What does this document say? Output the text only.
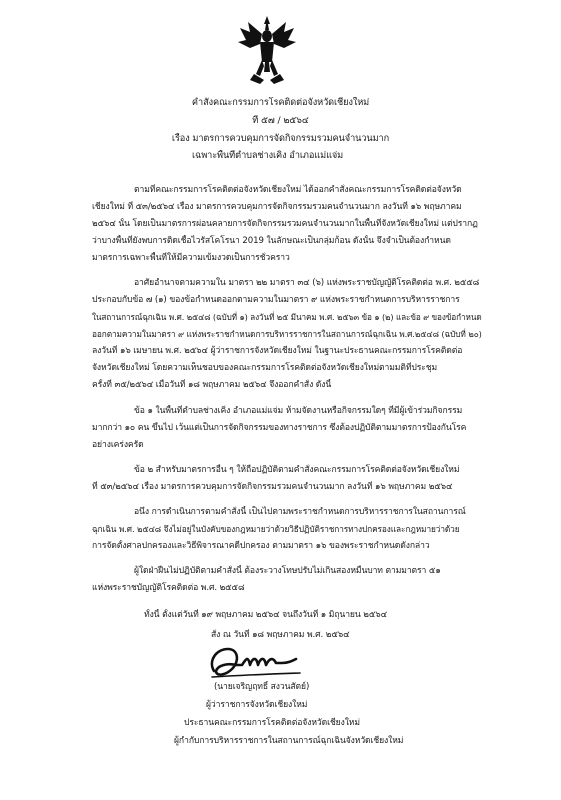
คำสั่งคณะกรรมการโรคติดต่อจังหวัดเชียงใหม่
ที่ ๕๗ / ๒๕๖๔
เรื่อง มาตรการควบคุมการจัดกิจกรรมรวมคนจำนวนมาก
เฉพาะพื้นที่ตำบลช่างเคิ่ง อำเภอแม่แจ่ม
ตามที่คณะกรรมการโรคติดต่อจังหวัดเชียงใหม่ ได้ออกคำสั่งคณะกรรมการโรคติดต่อจังหวัด
เชียงใหม่ ที่ ๕๓/๒๕๖๔ เรื่อง มาตรการควบคุมการจัดกิจกรรมรวมคนจำนวนมาก ลงวันที่ ๑๖ พฤษภาคม
๒๕๖๔ นั้น โดยเป็นมาตรการผ่อนคลายการจัดกิจกรรมรวมคนจำนวนมากในพื้นที่จังหวัดเชียงใหม่ แต่ปรากฏ
ว่าบางพื้นที่ยังพบการติดเชื้อไวรัสโคโรนา 2019 ในลักษณะเป็นกลุ่มก้อน ดังนั้น จึงจำเป็นต้องกำหนด
มาตรการเฉพาะพื้นที่ให้มีความเข้มงวดเป็นการชั่วคราว
อาศัยอำนาจตามความใน มาตรา ๒๒ มาตรา ๓๔ (๖) แห่งพระราชบัญญัติโรคติดต่อ พ.ศ. ๒๕๕๘
ประกอบกับข้อ ๗ (๑) ของข้อกำหนดออกตามความในมาตรา ๙ แห่งพระราชกำหนดการบริหารราชการ
ในสถานการณ์ฉุกเฉิน พ.ศ. ๒๕๔๘ (ฉบับที่ ๑) ลงวันที่ ๒๕ มีนาคม พ.ศ. ๒๕๖๓ ข้อ ๑ (๒) และข้อ ๙ ของข้อกำหนด
ออกตามความในมาตรา ๙ แห่งพระราชกำหนดการบริหารราชการในสถานการณ์ฉุกเฉิน พ.ศ.๒๕๔๘ (ฉบับที่ ๒๐)
ลงวันที่ ๑๖ เมษายน พ.ศ. ๒๕๖๔ ผู้ว่าราชการจังหวัดเชียงใหม่ ในฐานะประธานคณะกรรมการโรคติดต่อ
จังหวัดเชียงใหม่ โดยความเห็นชอบของคณะกรรมการโรคติดต่อจังหวัดเชียงใหม่ตามมติที่ประชุม
ครั้งที่ ๓๕/๒๕๖๔ เมื่อวันที่ ๑๘ พฤษภาคม ๒๕๖๔ จึงออกคำสั่ง ดังนี้
ข้อ ๑ ในพื้นที่ตำบลช่างเคิ่ง อำเภอแม่แจ่ม ห้ามจัดงานหรือกิจกรรมใดๆ ที่มีผู้เข้าร่วมกิจกรรม
มากกว่า ๑๐ คน ขึ้นไป เว้นแต่เป็นการจัดกิจกรรมของทางราชการ ซึ่งต้องปฏิบัติตามมาตรการป้องกันโรค
อย่างเคร่งครัด
ข้อ ๒ สำหรับมาตรการอื่น ๆ ให้ถือปฏิบัติตามคำสั่งคณะกรรมการโรคติดต่อจังหวัดเชียงใหม่
ที่ ๕๓/๒๕๖๔ เรื่อง มาตรการควบคุมการจัดกิจกรรมรวมคนจำนวนมาก ลงวันที่ ๑๖ พฤษภาคม ๒๕๖๔
อนึ่ง การดำเนินการตามคำสั่งนี้ เป็นไปตามพระราชกำหนดการบริหารราชการในสถานการณ์
ฉุกเฉิน พ.ศ. ๒๕๔๘ จึงไม่อยู่ในบังคับของกฎหมายว่าด้วยวิธีปฏิบัติราชการทางปกครองและกฎหมายว่าด้วย
การจัดตั้งศาลปกครองและวิธีพิจารณาคดีปกครอง ตามมาตรา ๑๖ ของพระราชกำหนดดังกล่าว
ผู้ใดฝ่าฝืนไม่ปฏิบัติตามคำสั่งนี้ ต้องระวางโทษปรับไม่เกินสองหมื่นบาท ตามมาตรา ๕๑
แห่งพระราชบัญญัติโรคติดต่อ พ.ศ. ๒๕๕๘
ทั้งนี้ ตั้งแต่วันที่ ๑๙ พฤษภาคม ๒๕๖๔ จนถึงวันที่ ๑ มิถุนายน ๒๕๖๔
สั่ง ณ วันที่ ๑๘ พฤษภาคม พ.ศ. ๒๕๖๔
(นายเจริญฤทธิ์ สงวนสัตย์)
ผู้ว่าราชการจังหวัดเชียงใหม่
ประธานคณะกรรมการโรคติดต่อจังหวัดเชียงใหม่
ผู้กำกับการบริหารราชการในสถานการณ์ฉุกเฉินจังหวัดเชียงใหม่
